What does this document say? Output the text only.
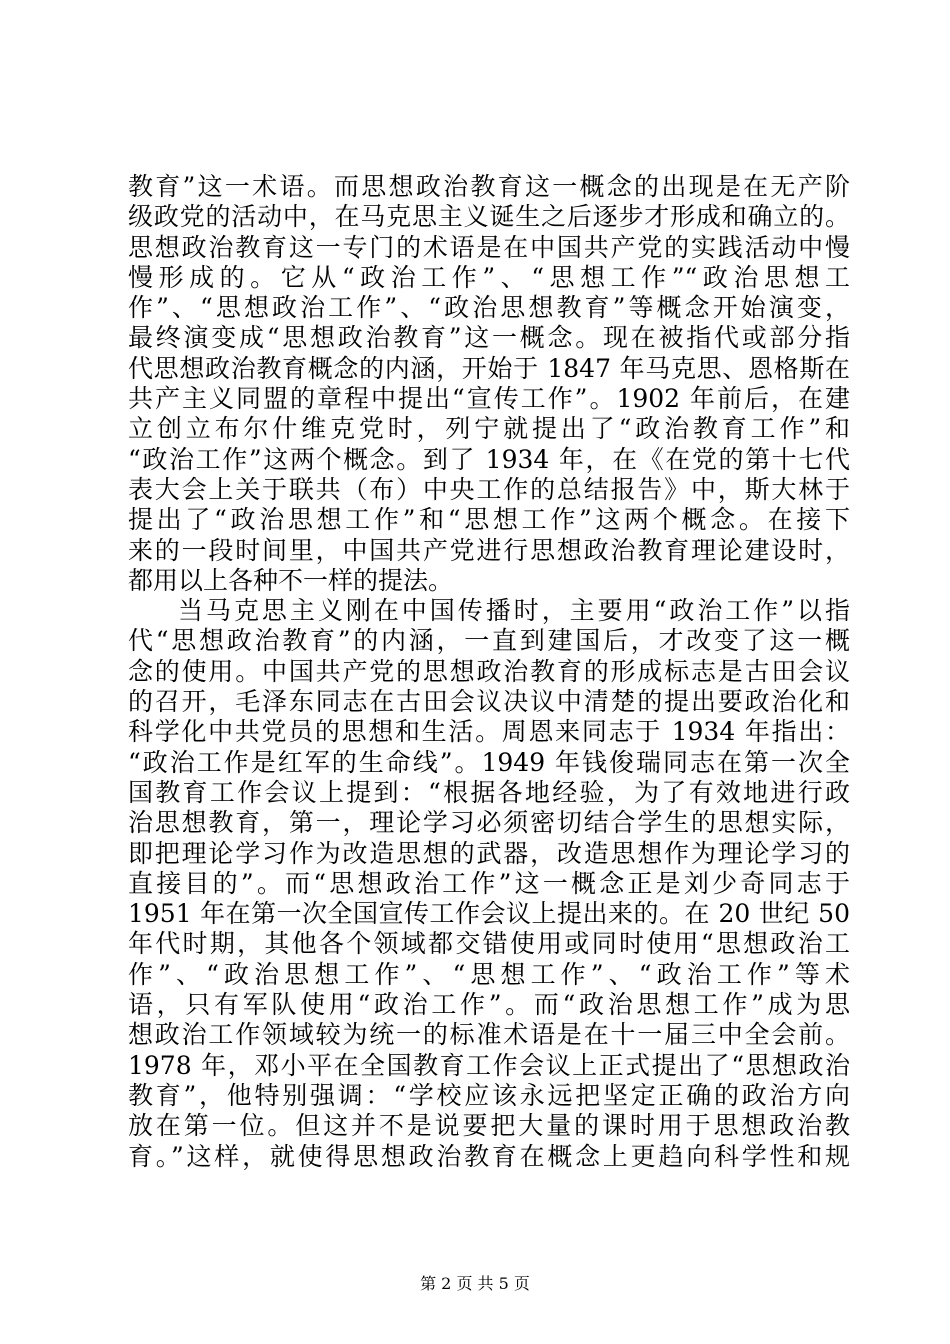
教育”这一术语。而思想政治教育这一概念的出现是在无产阶
级政党的活动中，在马克思主义诞生之后逐步才形成和确立的。
思想政治教育这一专门的术语是在中国共产党的实践活动中慢
慢形成的。它从“政治工作”、“思想工作”“政治思想工
作”、“思想政治工作”、“政治思想教育”等概念开始演变，
最终演变成“思想政治教育”这一概念。现在被指代或部分指
代思想政治教育概念的内涵，开始于 1847 年马克思、恩格斯在
共产主义同盟的章程中提出“宣传工作”。1902 年前后，在建
立创立布尔什维克党时，列宁就提出了“政治教育工作”和
“政治工作”这两个概念。到了 1934 年，在《在党的第十七代
表大会上关于联共（布）中央工作的总结报告》中，斯大林于
提出了“政治思想工作”和“思想工作”这两个概念。在接下
来的一段时间里，中国共产党进行思想政治教育理论建设时，
都用以上各种不一样的提法。
当马克思主义刚在中国传播时，主要用“政治工作”以指
代“思想政治教育”的内涵，一直到建国后，才改变了这一概
念的使用。中国共产党的思想政治教育的形成标志是古田会议
的召开，毛泽东同志在古田会议决议中清楚的提出要政治化和
科学化中共党员的思想和生活。周恩来同志于 1934 年指出：
“政治工作是红军的生命线”。1949 年钱俊瑞同志在第一次全
国教育工作会议上提到：“根据各地经验，为了有效地进行政
治思想教育，第一，理论学习必须密切结合学生的思想实际，
即把理论学习作为改造思想的武器，改造思想作为理论学习的
直接目的”。而“思想政治工作”这一概念正是刘少奇同志于
1951 年在第一次全国宣传工作会议上提出来的。在 20 世纪 50
年代时期，其他各个领域都交错使用或同时使用“思想政治工
作”、“政治思想工作”、“思想工作”、“政治工作”等术
语，只有军队使用“政治工作”。而“政治思想工作”成为思
想政治工作领域较为统一的标准术语是在十一届三中全会前。
1978 年，邓小平在全国教育工作会议上正式提出了“思想政治
教育”，他特别强调：“学校应该永远把坚定正确的政治方向
放在第一位。但这并不是说要把大量的课时用于思想政治教
育。”这样，就使得思想政治教育在概念上更趋向科学性和规
第 2 页 共 5 页
